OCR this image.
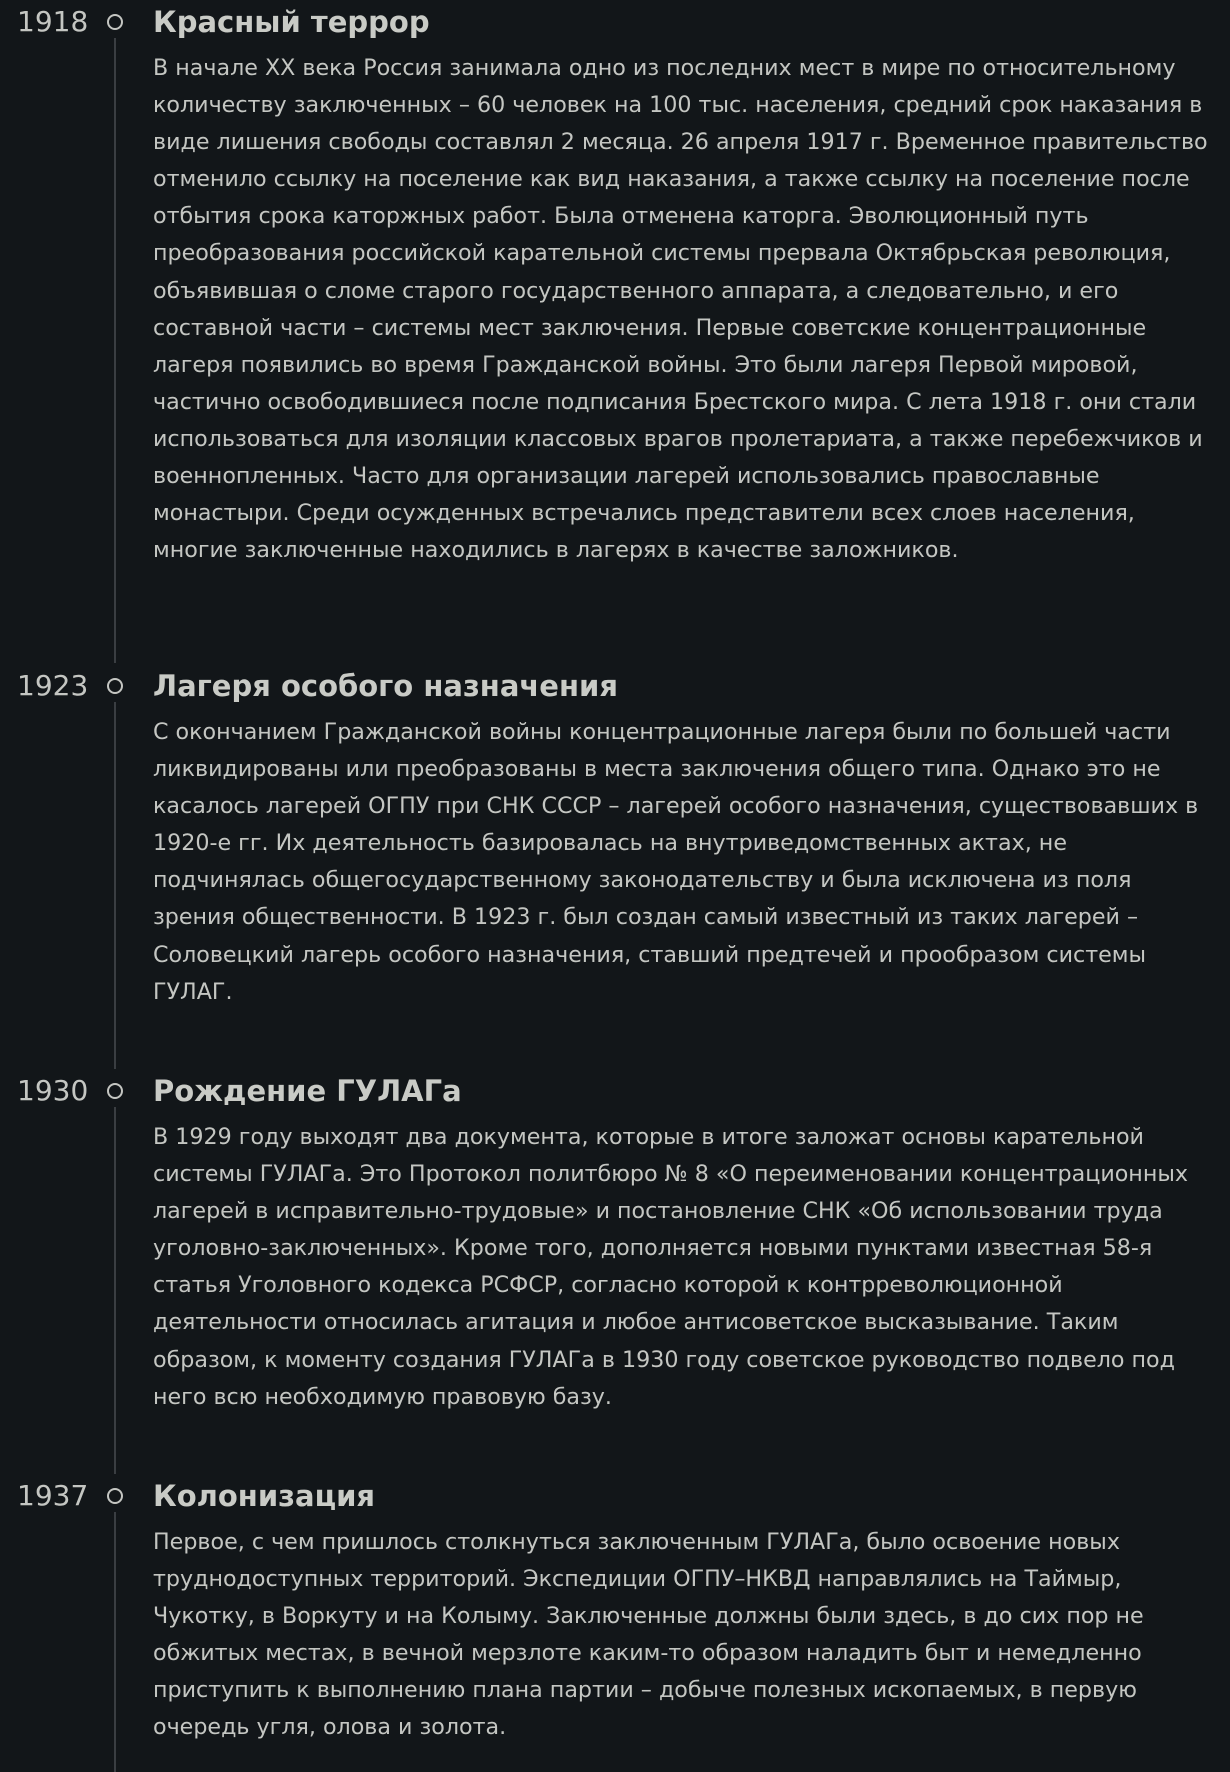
1918 Красный террор

В начале XX века Россия занимала одно из последних мест в мире по относительному количеству заключенных – 60 человек на 100 тыс. населения, средний срок наказания в виде лишения свободы составлял 2 месяца. 26 апреля 1917 г. Временное правительство отменило ссылку на поселение как вид наказания, а также ссылку на поселение после отбытия срока каторжных работ. Была отменена каторга. Эволюционный путь преобразования российской карательной системы прервала Октябрьская революция, объявившая о сломе старого государственного аппарата, а следовательно, и его составной части – системы мест заключения. Первые советские концентрационные лагеря появились во время Гражданской войны. Это были лагеря Первой мировой, частично освободившиеся после подписания Брестского мира. С лета 1918 г. они стали использоваться для изоляции классовых врагов пролетариата, а также перебежчиков и военнопленных. Часто для организации лагерей использовались православные монастыри. Среди осужденных встречались представители всех слоев населения, многие заключенные находились в лагерях в качестве заложников.

1923 Лагеря особого назначения

С окончанием Гражданской войны концентрационные лагеря были по большей части ликвидированы или преобразованы в места заключения общего типа. Однако это не касалось лагерей ОГПУ при СНК СССР – лагерей особого назначения, существовавших в 1920-е гг. Их деятельность базировалась на внутриведомственных актах, не подчинялась общегосударственному законодательству и была исключена из поля зрения общественности. В 1923 г. был создан самый известный из таких лагерей – Соловецкий лагерь особого назначения, ставший предтечей и прообразом системы ГУЛАГ.

1930 Рождение ГУЛАГа

В 1929 году выходят два документа, которые в итоге заложат основы карательной системы ГУЛАГа. Это Протокол политбюро № 8 «О переименовании концентрационных лагерей в исправительно-трудовые» и постановление СНК «Об использовании труда уголовно-заключенных». Кроме того, дополняется новыми пунктами известная 58-я статья Уголовного кодекса РСФСР, согласно которой к контрреволюционной деятельности относилась агитация и любое антисоветское высказывание. Таким образом, к моменту создания ГУЛАГа в 1930 году советское руководство подвело под него всю необходимую правовую базу.

1937 Колонизация

Первое, с чем пришлось столкнуться заключенным ГУЛАГа, было освоение новых труднодоступных территорий. Экспедиции ОГПУ–НКВД направлялись на Таймыр, Чукотку, в Воркуту и на Колыму. Заключенные должны были здесь, в до сих пор не обжитых местах, в вечной мерзлоте каким-то образом наладить быт и немедленно приступить к выполнению плана партии – добыче полезных ископаемых, в первую очередь угля, олова и золота.
